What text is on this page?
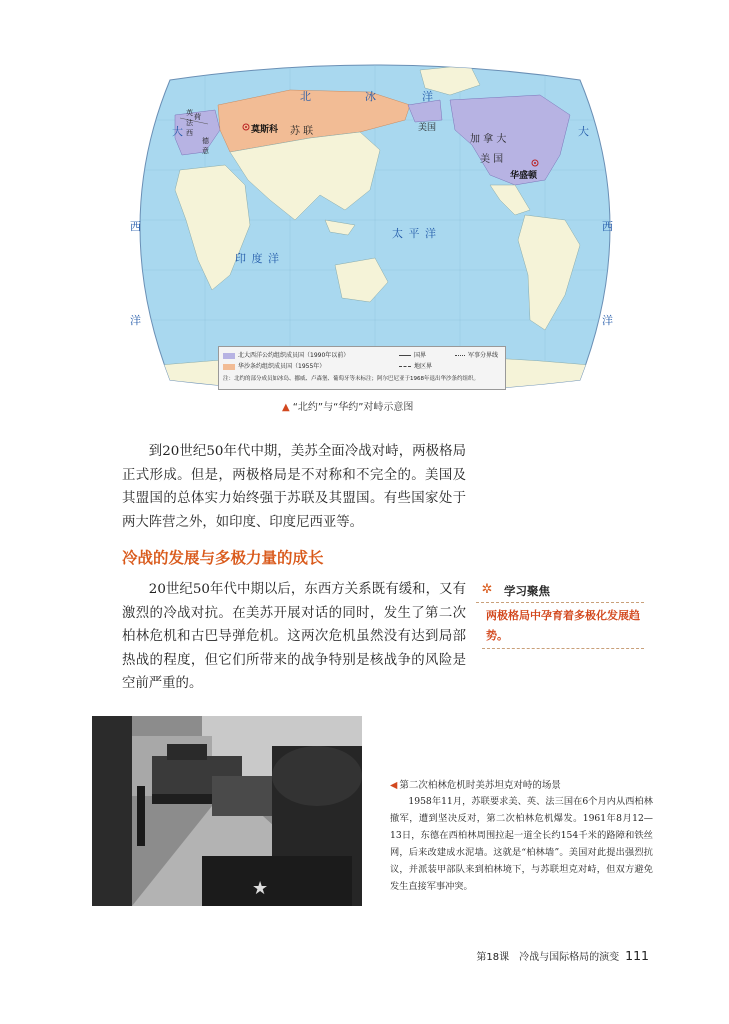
北	冰	洋
大	大
西	西
洋	洋
印 度 洋
太 平 洋
苏 联	美国
加 拿 大
美 国
莫斯科
华盛顿
英
法
西
德
意
荷
北大西洋公约组织成员国（1990年以前）
华沙条约组织成员国（1955年）
国界
地区界
军事分界线
注：北约的部分成员如冰岛、挪威、卢森堡、葡萄牙等未标注；阿尔巴尼亚于1968年退出华沙条约组织。
▲ “北约”与“华约”对峙示意图
到20世纪50年代中期，美苏全面冷战对峙，两极格局正式形成。但是，两极格局是不对称和不完全的。美国及其盟国的总体实力始终强于苏联及其盟国。有些国家处于两大阵营之外，如印度、印度尼西亚等。
冷战的发展与多极力量的成长
20世纪50年代中期以后，东西方关系既有缓和，又有激烈的冷战对抗。在美苏开展对话的同时，发生了第二次柏林危机和古巴导弹危机。这两次危机虽然没有达到局部热战的程度，但它们所带来的战争特别是核战争的风险是空前严重的。
✲ 学习聚焦
两极格局中孕育着多极化发展趋势。
★
◀ 第二次柏林危机时美苏坦克对峙的场景
1958年11月，苏联要求美、英、法三国在6个月内从西柏林撤军，遭到坚决反对，第二次柏林危机爆发。1961年8月12—13日，东德在西柏林周围拉起一道全长约154千米的路障和铁丝网，后来改建成水泥墙。这就是“柏林墙”。美国对此提出强烈抗议，并派装甲部队来到柏林境下，与苏联坦克对峙，但双方避免发生直接军事冲突。
第18课　冷战与国际格局的演变 111
